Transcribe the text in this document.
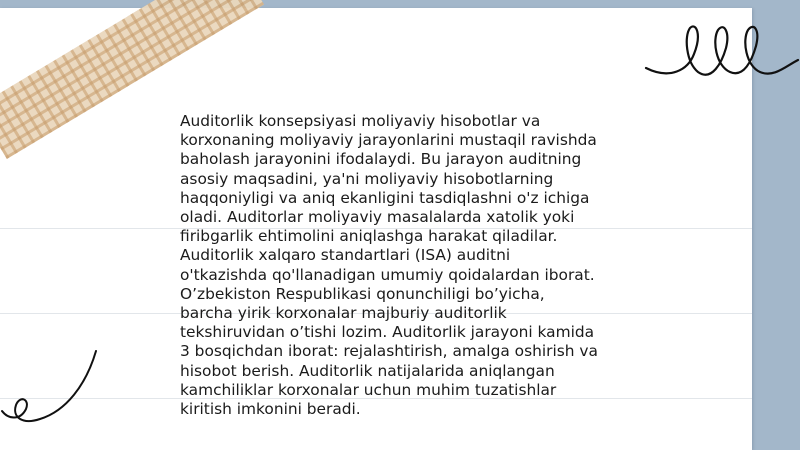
Auditorlik konsepsiyasi moliyaviy hisobotlar va
korxonaning moliyaviy jarayonlarini mustaqil ravishda
baholash jarayonini ifodalaydi. Bu jarayon auditning
asosiy maqsadini, ya'ni moliyaviy hisobotlarning
haqqoniyligi va aniq ekanligini tasdiqlashni o'z ichiga
oladi. Auditorlar moliyaviy masalalarda xatolik yoki
firibgarlik ehtimolini aniqlashga harakat qiladilar.
Auditorlik xalqaro standartlari (ISA) auditni
o'tkazishda qo'llanadigan umumiy qoidalardan iborat.
O’zbekiston Respublikasi qonunchiligi bo’yicha,
barcha yirik korxonalar majburiy auditorlik
tekshiruvidan o’tishi lozim. Auditorlik jarayoni kamida
3 bosqichdan iborat: rejalashtirish, amalga oshirish va
hisobot berish. Auditorlik natijalarida aniqlangan
kamchiliklar korxonalar uchun muhim tuzatishlar
kiritish imkonini beradi.
